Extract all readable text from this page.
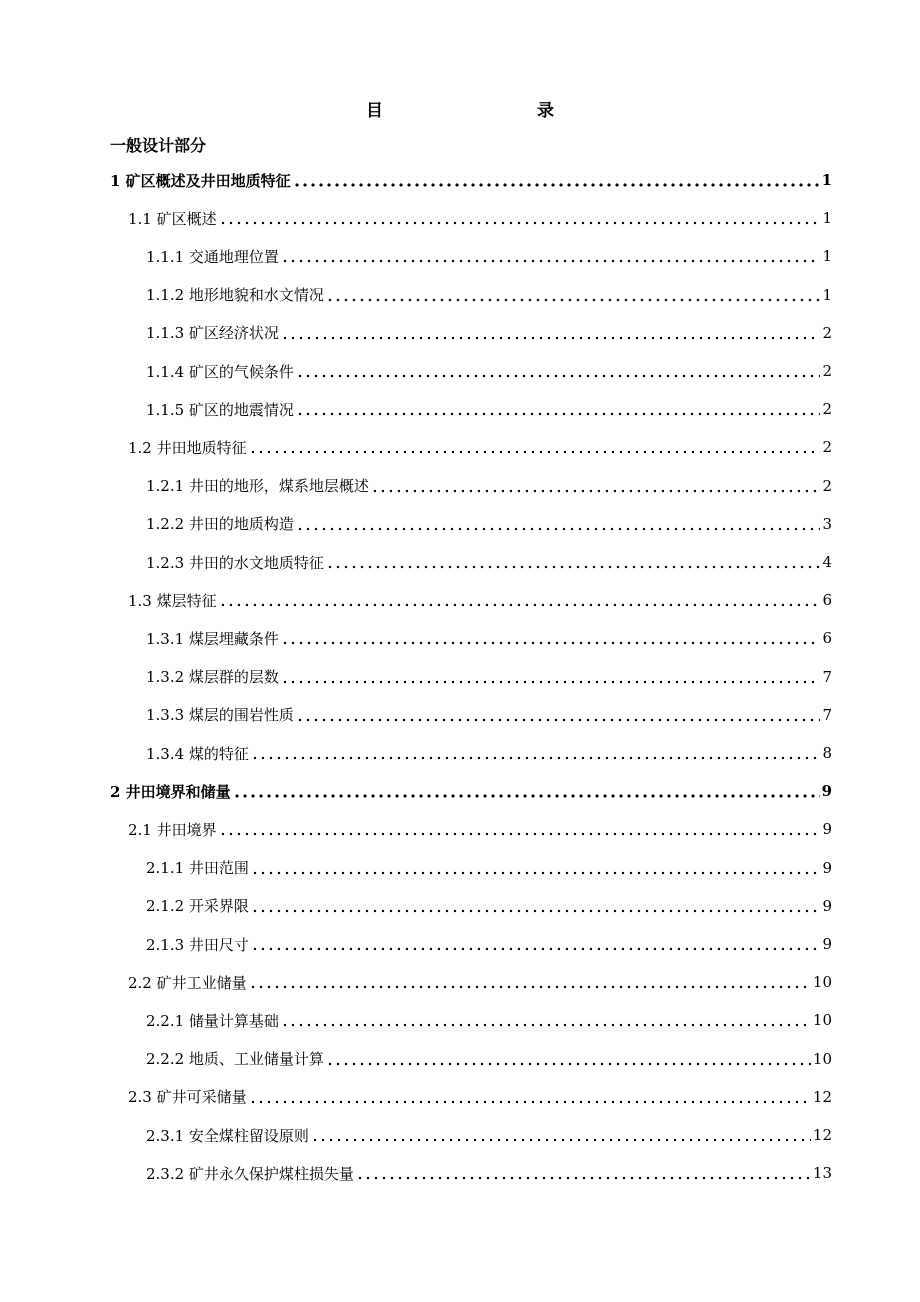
目　　录
一般设计部分
1 矿区概述及井田地质特征	1
1.1 矿区概述	1
1.1.1 交通地理位置	1
1.1.2 地形地貌和水文情况	1
1.1.3 矿区经济状况	2
1.1.4 矿区的气候条件	2
1.1.5 矿区的地震情况	2
1.2 井田地质特征	2
1.2.1 井田的地形，煤系地层概述	2
1.2.2 井田的地质构造	3
1.2.3 井田的水文地质特征	4
1.3 煤层特征	6
1.3.1 煤层埋藏条件	6
1.3.2 煤层群的层数	7
1.3.3 煤层的围岩性质	7
1.3.4 煤的特征	8
2 井田境界和储量	9
2.1 井田境界	9
2.1.1 井田范围	9
2.1.2 开采界限	9
2.1.3 井田尺寸	9
2.2 矿井工业储量	10
2.2.1 储量计算基础	10
2.2.2 地质、工业储量计算	10
2.3 矿井可采储量	12
2.3.1 安全煤柱留设原则	12
2.3.2 矿井永久保护煤柱损失量	13
